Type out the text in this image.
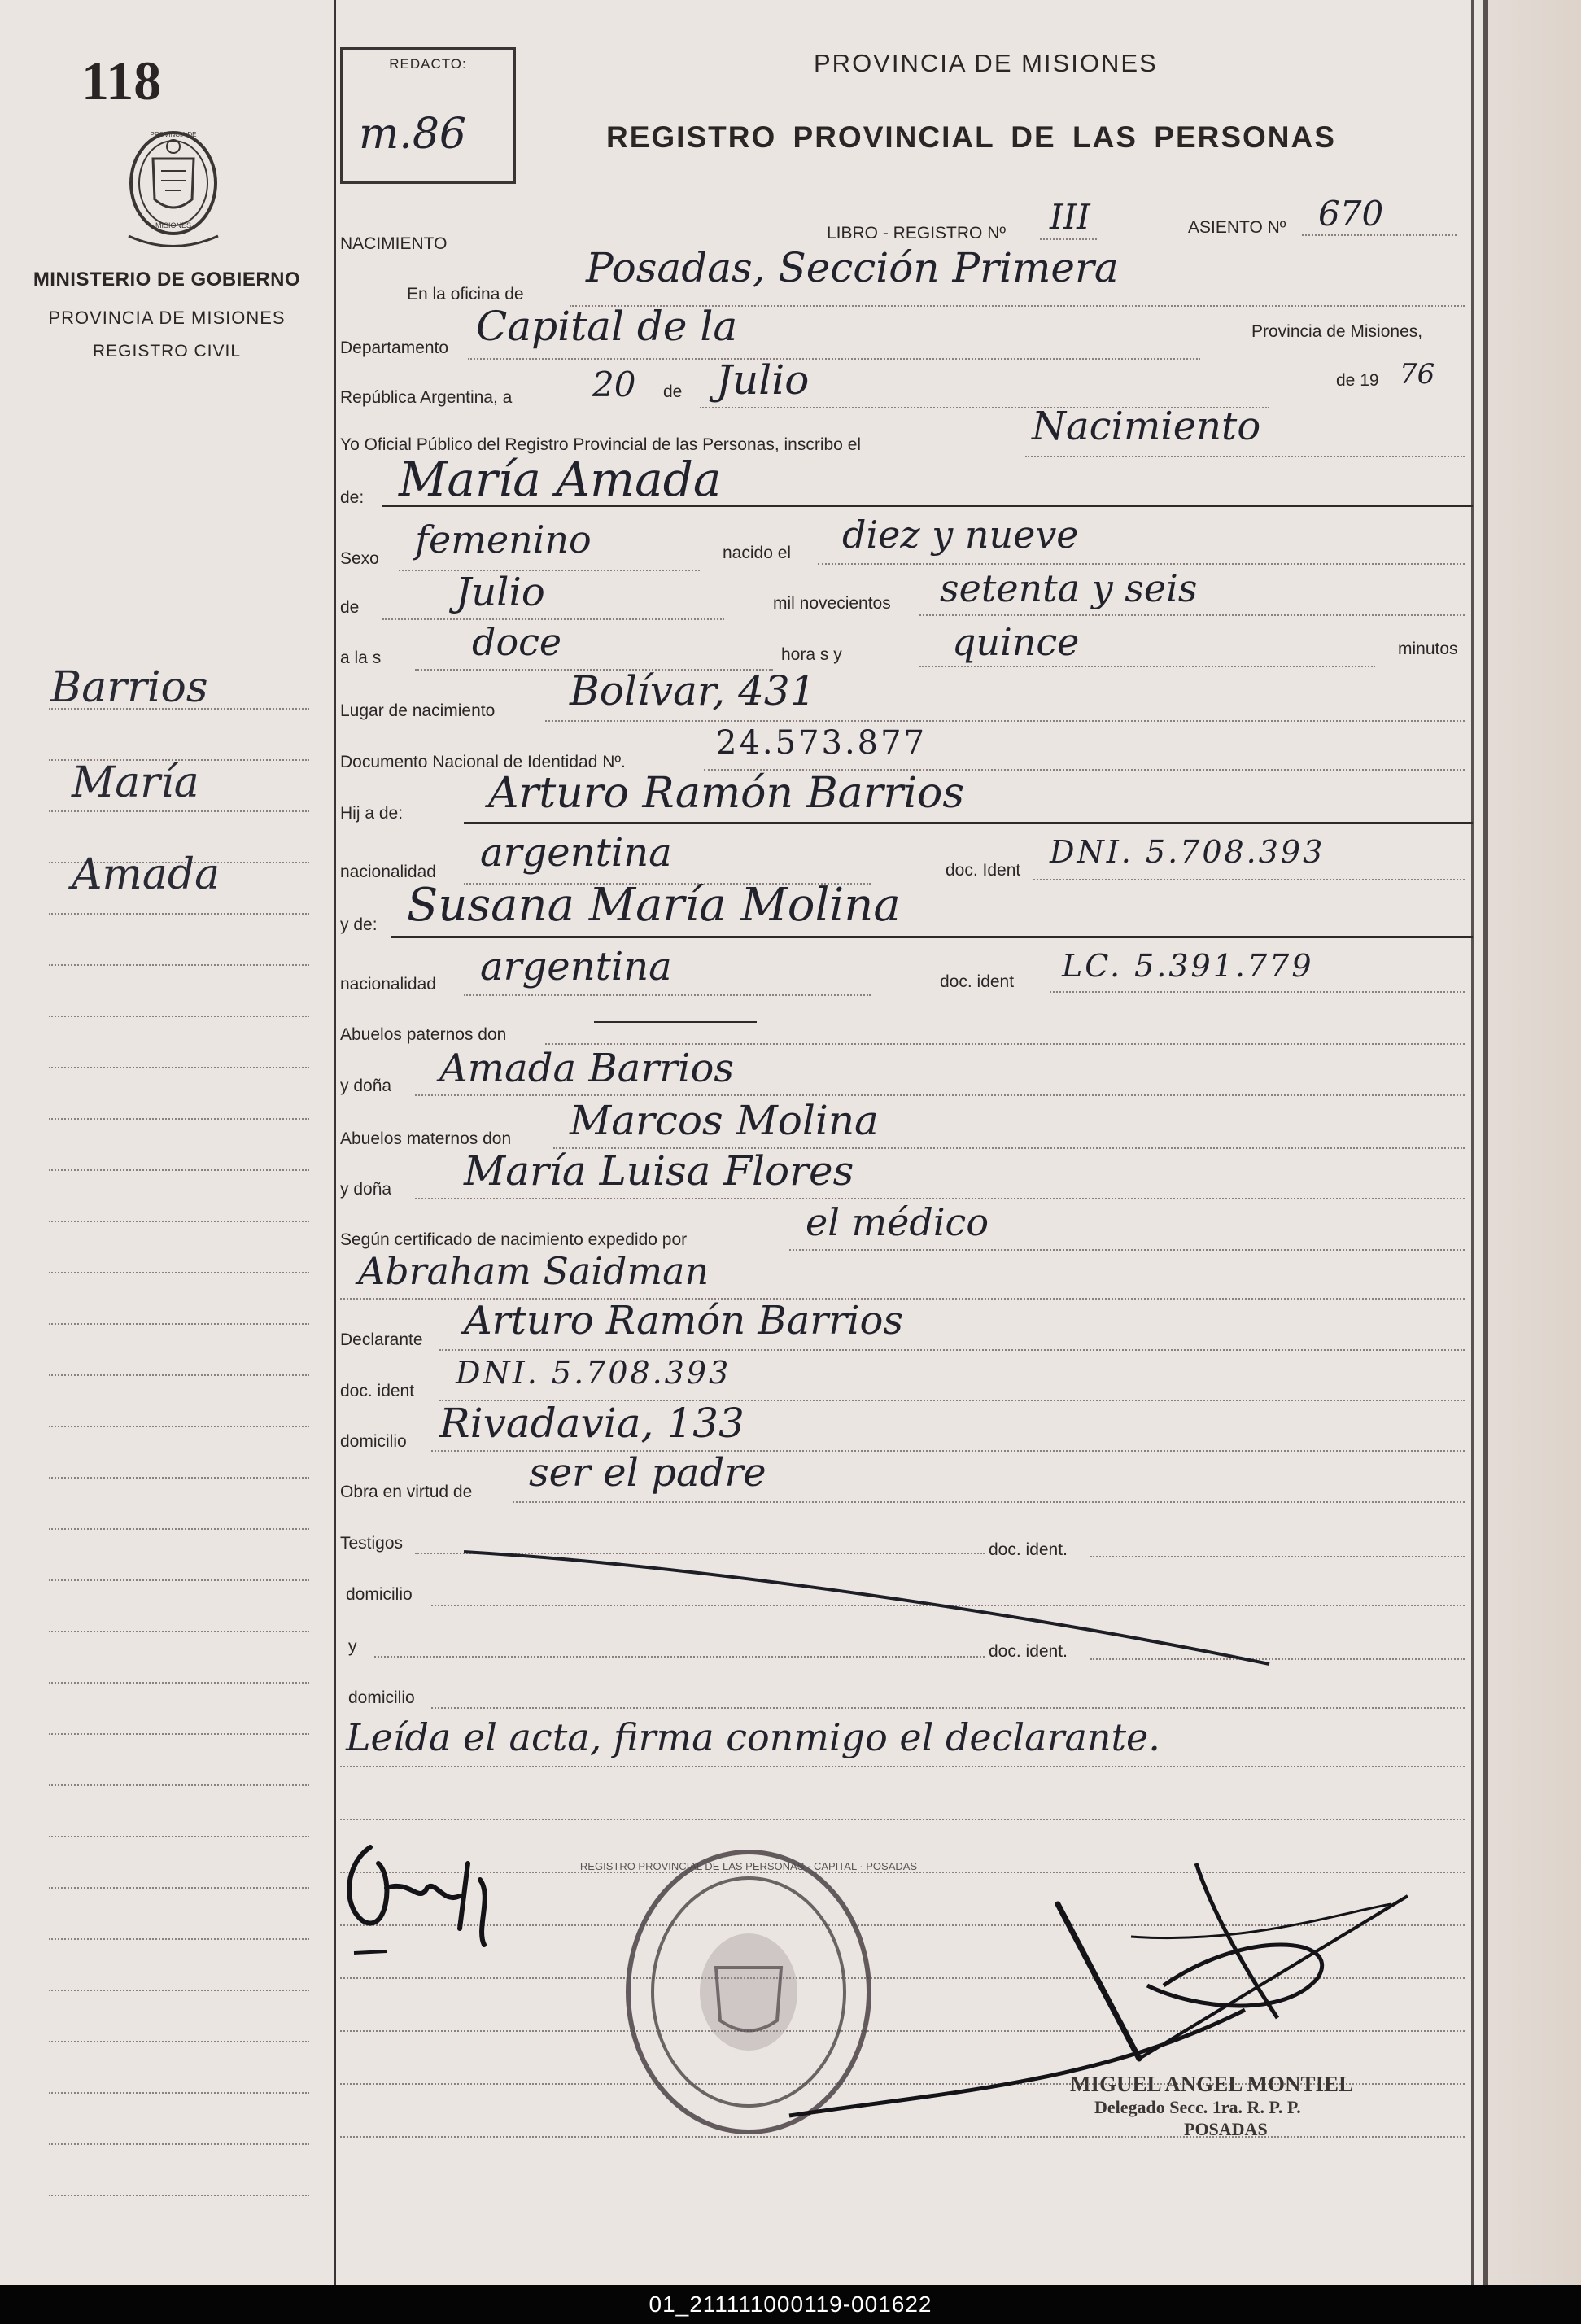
118
PROVINCIA DE
MISIONES
MINISTERIO DE GOBIERNO
PROVINCIA DE MISIONES
REGISTRO CIVIL
Barrios
María
Amada
REDACTO:
m.86
PROVINCIA DE MISIONES
REGISTRO PROVINCIAL DE LAS PERSONAS
NACIMIENTO
LIBRO - REGISTRO Nº III	ASIENTO Nº 670
En la oficina de
Posadas, Sección Primera
Departamento Capital de la	Provincia de Misiones,
República Argentina, a 20 de Julio	de 19 76
Yo Oficial Público del Registro Provincial de las Personas, inscribo el	Nacimiento
de: María Amada
Sexo femenino	nacido el diez y nueve
de Julio	mil novecientos setenta y seis
a la s doce	hora s y	quince	minutos
Lugar de nacimiento Bolívar, 431
Documento Nacional de Identidad Nº.
24.573.877
Hij a de: Arturo Ramón Barrios
nacionalidad argentina	doc. Ident
DNI. 5.708.393
y de: Susana María Molina
nacionalidad argentina	doc. ident LC. 5.391.779
Abuelos paternos don
y doña Amada Barrios
Abuelos maternos don Marcos Molina
y doña María Luisa Flores
Según certificado de nacimiento expedido por	el médico
Abraham Saidman
Declarante Arturo Ramón Barrios
doc. ident
DNI. 5.708.393
domicilio Rivadavia, 133
Obra en virtud de ser el padre
Testigos	doc. ident.
domicilio
y	doc. ident.
domicilio
Leída el acta, firma conmigo el declarante.
REGISTRO PROVINCIAL DE LAS PERSONAS · CAPITAL · POSADAS
MIGUEL ANGEL MONTIEL
Delegado Secc. 1ra. R. P. P.
POSADAS
01_211111000119-001622
